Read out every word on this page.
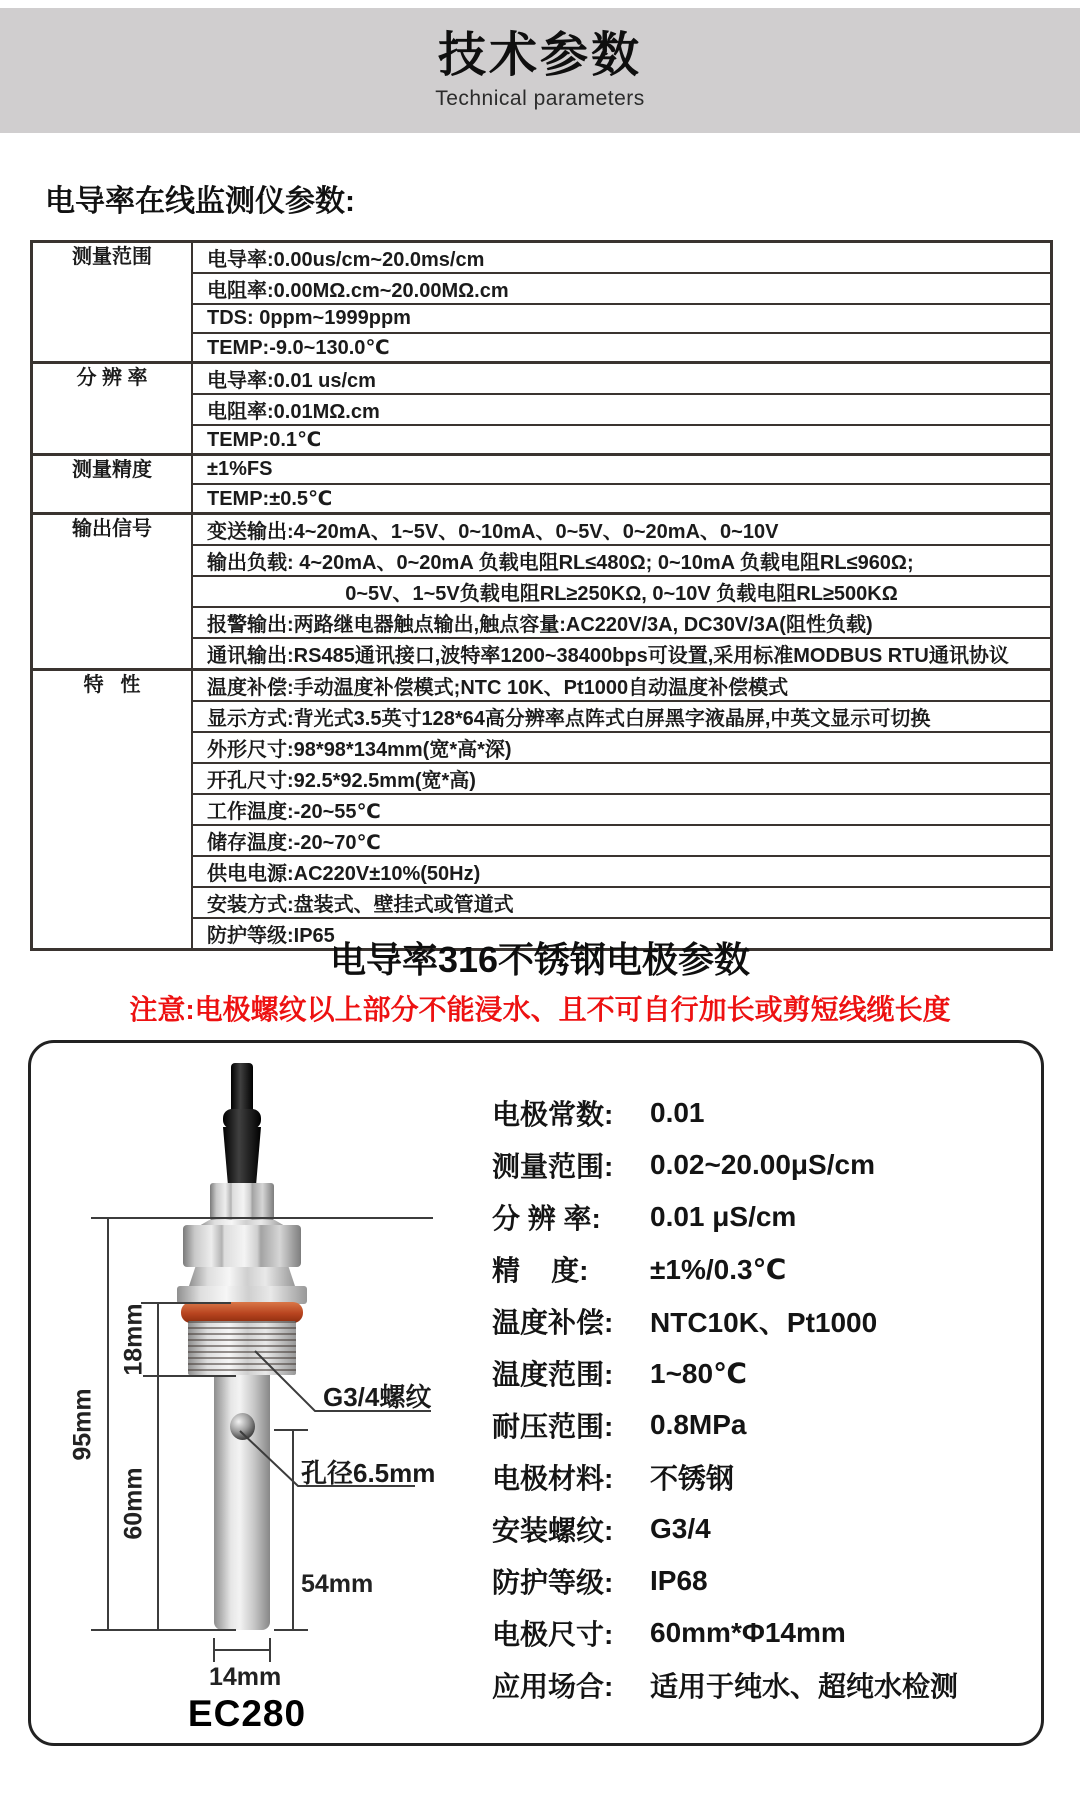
技术参数
Technical parameters
电导率在线监测仪参数:
测量范围	电导率:0.00us/cm~20.0ms/cm
	电阻率:0.00MΩ.cm~20.00MΩ.cm
	TDS: 0ppm~1999ppm
	TEMP:-9.0~130.0℃
分 辨 率	电导率:0.01 us/cm
	电阻率:0.01MΩ.cm
	TEMP:0.1℃
测量精度	±1%FS
	TEMP:±0.5℃
输出信号	变送输出:4~20mA、1~5V、0~10mA、0~5V、0~20mA、0~10V
	输出负载: 4~20mA、0~20mA 负载电阻RL≤480Ω; 0~10mA 负载电阻RL≤960Ω;
	0~5V、1~5V负载电阻RL≥250KΩ, 0~10V 负载电阻RL≥500KΩ
	报警输出:两路继电器触点输出,触点容量:AC220V/3A, DC30V/3A(阻性负载)
	通讯输出:RS485通讯接口,波特率1200~38400bps可设置,采用标准MODBUS RTU通讯协议
特   性	温度补偿:手动温度补偿模式;NTC 10K、Pt1000自动温度补偿模式
	显示方式:背光式3.5英寸128*64高分辨率点阵式白屏黑字液晶屏,中英文显示可切换
	外形尺寸:98*98*134mm(宽*高*深)
	开孔尺寸:92.5*92.5mm(宽*高)
	工作温度:-20~55℃
	储存温度:-20~70℃
	供电电源:AC220V±10%(50Hz)
	安装方式:盘装式、壁挂式或管道式
	防护等级:IP65
电导率316不锈钢电极参数
注意:电极螺纹以上部分不能浸水、且不可自行加长或剪短线缆长度
95mm
18mm
60mm
54mm
14mm
G3/4螺纹
孔径6.5mm
EC280
电极常数:	0.01
测量范围:	0.02~20.00μS/cm
分 辨 率:	0.01 μS/cm
精    度:	±1%/0.3℃
温度补偿:	NTC10K、Pt1000
温度范围:	1~80℃
耐压范围:	0.8MPa
电极材料:	不锈钢
安装螺纹:	G3/4
防护等级:	IP68
电极尺寸:	60mm*Φ14mm
应用场合:	适用于纯水、超纯水检测
